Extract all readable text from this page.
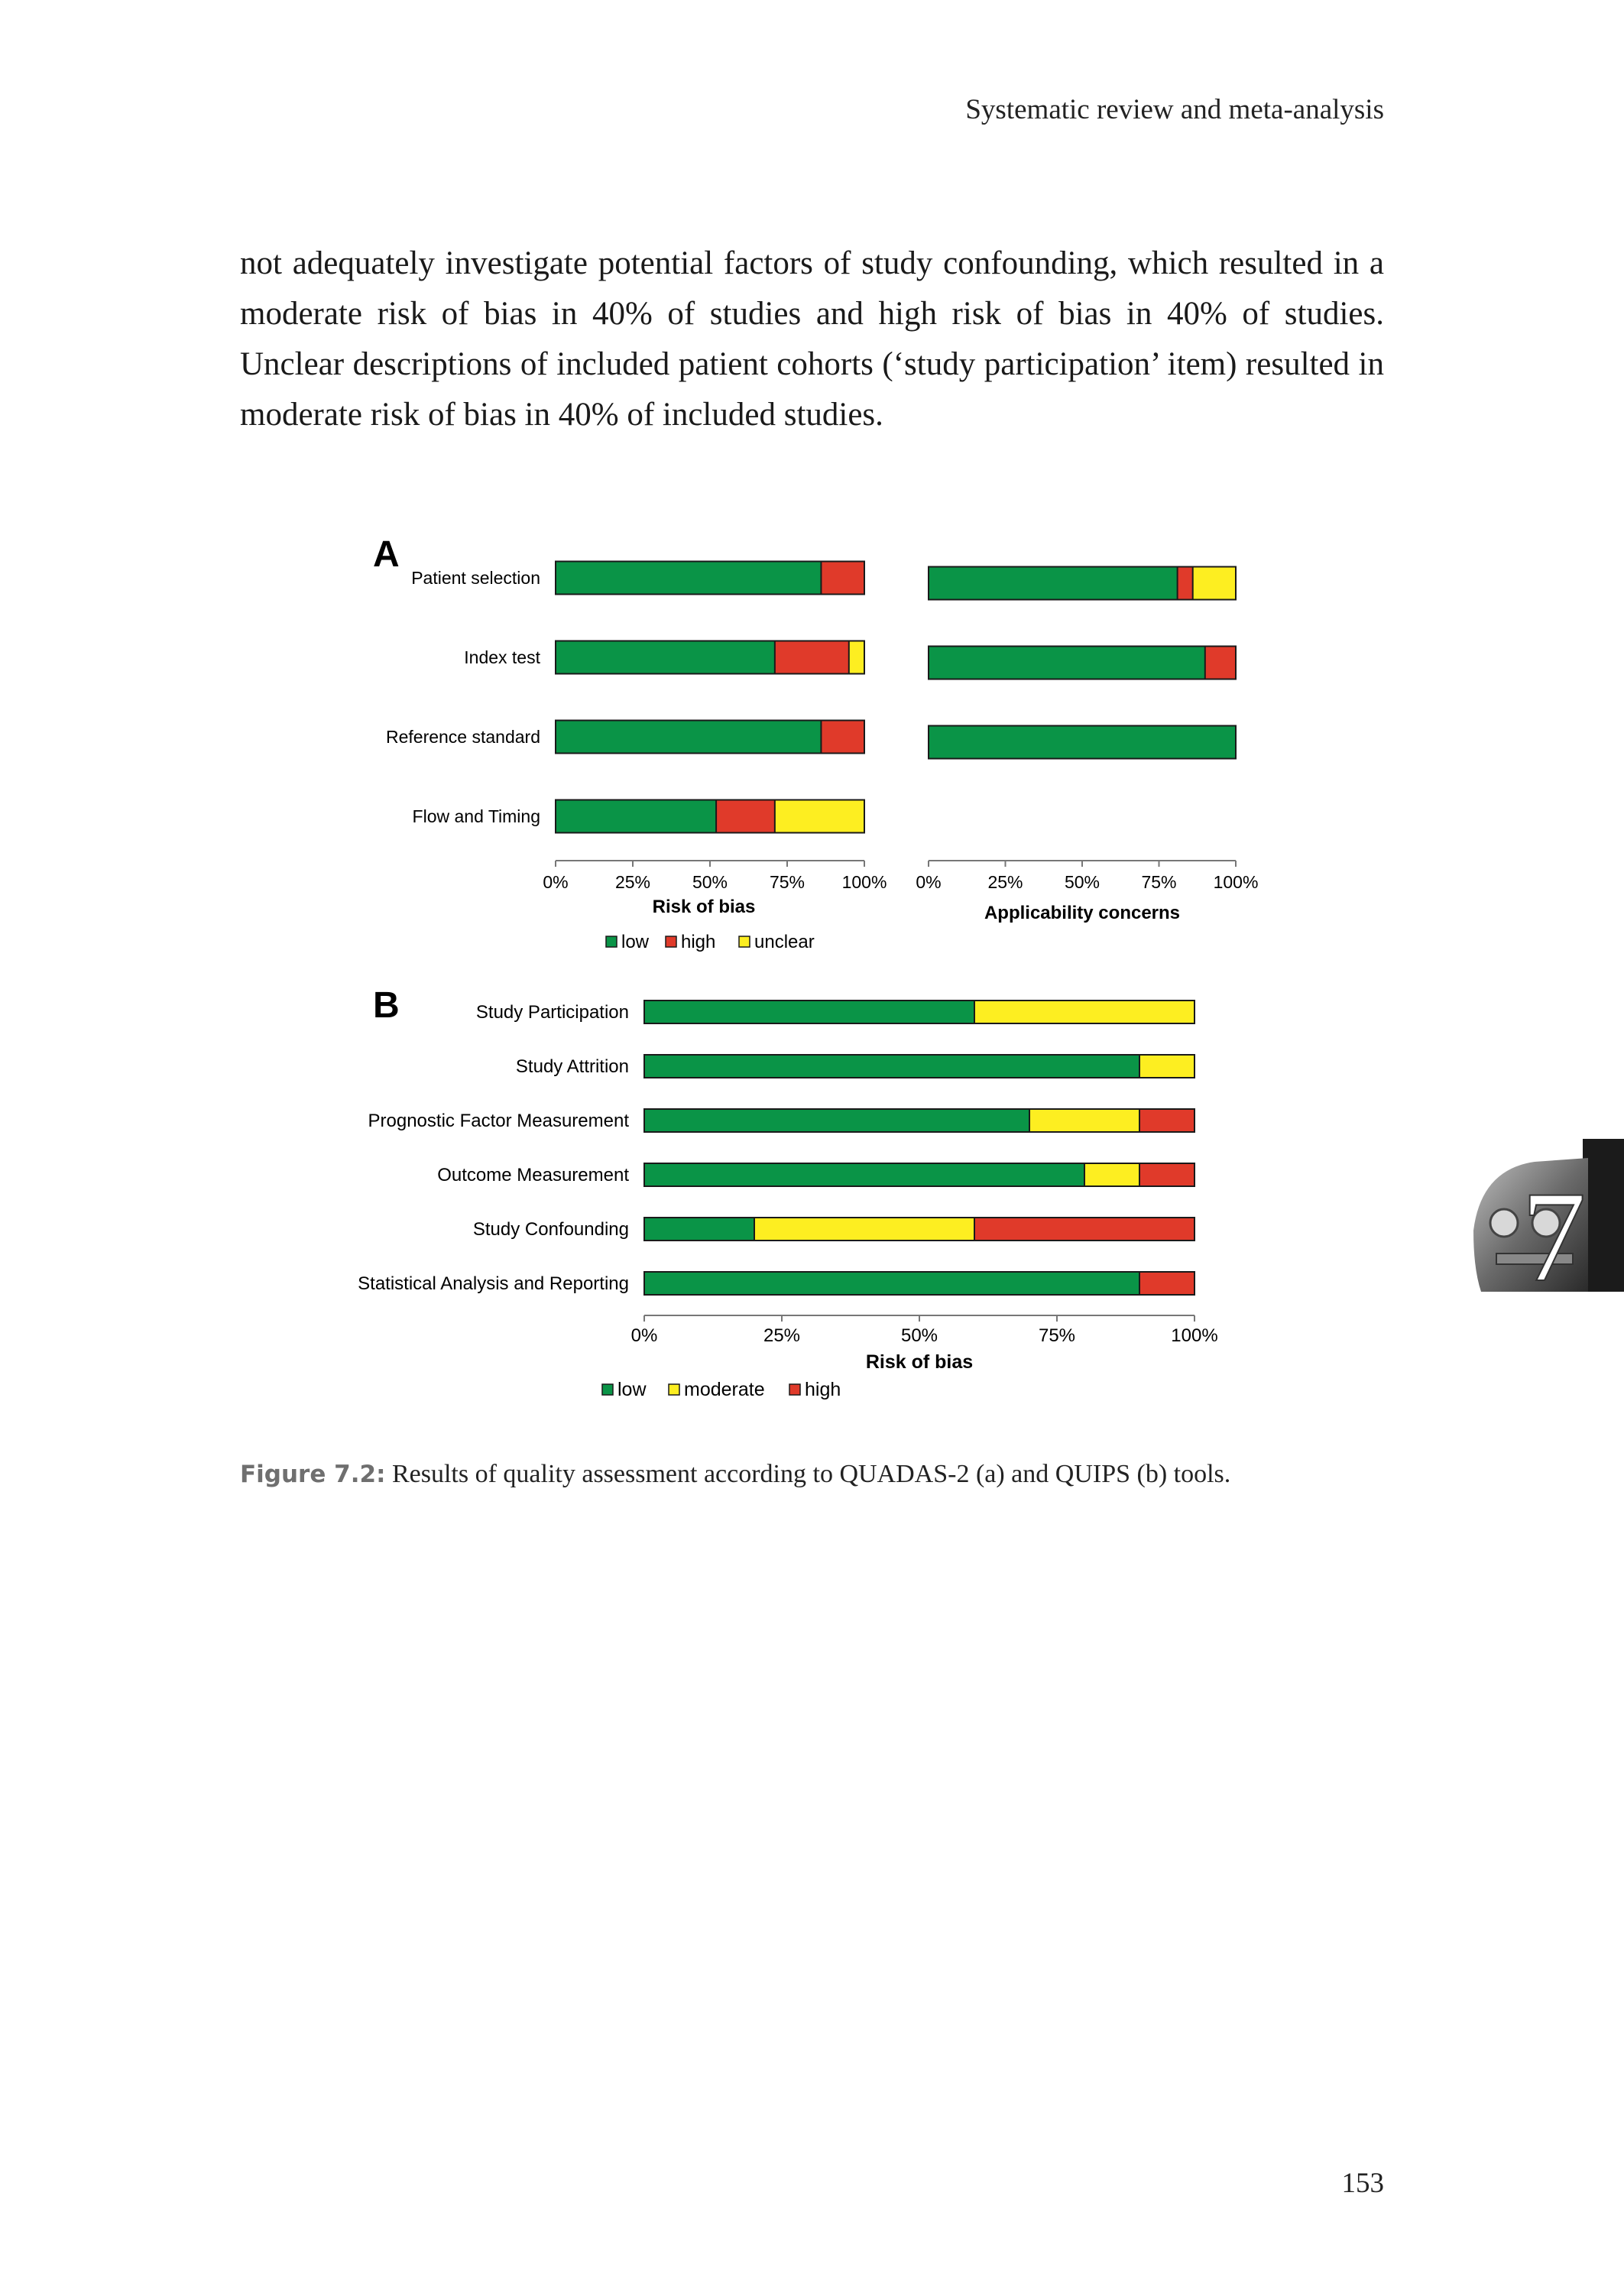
Systematic review and meta-analysis

not adequately investigate potential factors of study confounding, which resulted in a moderate risk of bias in 40% of studies and high risk of bias in 40% of studies. Unclear descriptions of included patient cohorts (‘study participation’ item) resulted in moderate risk of bias in 40% of included studies.

A
Patient selection
Index test
Reference standard
Flow and Timing
0%	25% 50% 75% 100%
Risk of bias
low high unclear
0%	25% 50% 75% 100%
Applicability concerns
B	Study Participation
Study Attrition
Prognostic Factor Measurement
Outcome Measurement
Study Confounding
Statistical Analysis and Reporting
0%	25%	50%	75%	100%
Risk of bias
low moderate high
Figure 7.2: Results of quality assessment according to QUADAS-2 (a) and QUIPS (b) tools.
7
153
